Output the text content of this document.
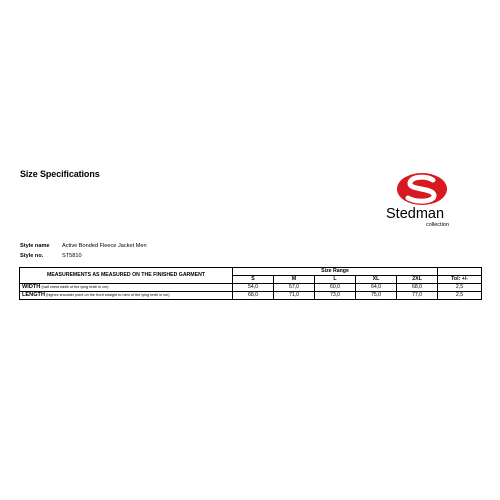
Size Specifications
Stedman
collection
Style name	Active Bonded Fleece Jacket Men
Style no.	ST5810
MEASUREMENTS AS MEASURED ON THE FINISHED GARMENT	Size Range					
	S	M	L	XL	2XL	Tol: +/-
WIDTH (half chest width of the lying textil in cm)	54,0	57,0	60,0	64,0	68,0	2,5
LENGTH (highes shoulder point on the front straight to hem of the lying textil in cm)	68,0	71,0	73,0	75,0	77,0	2,5
